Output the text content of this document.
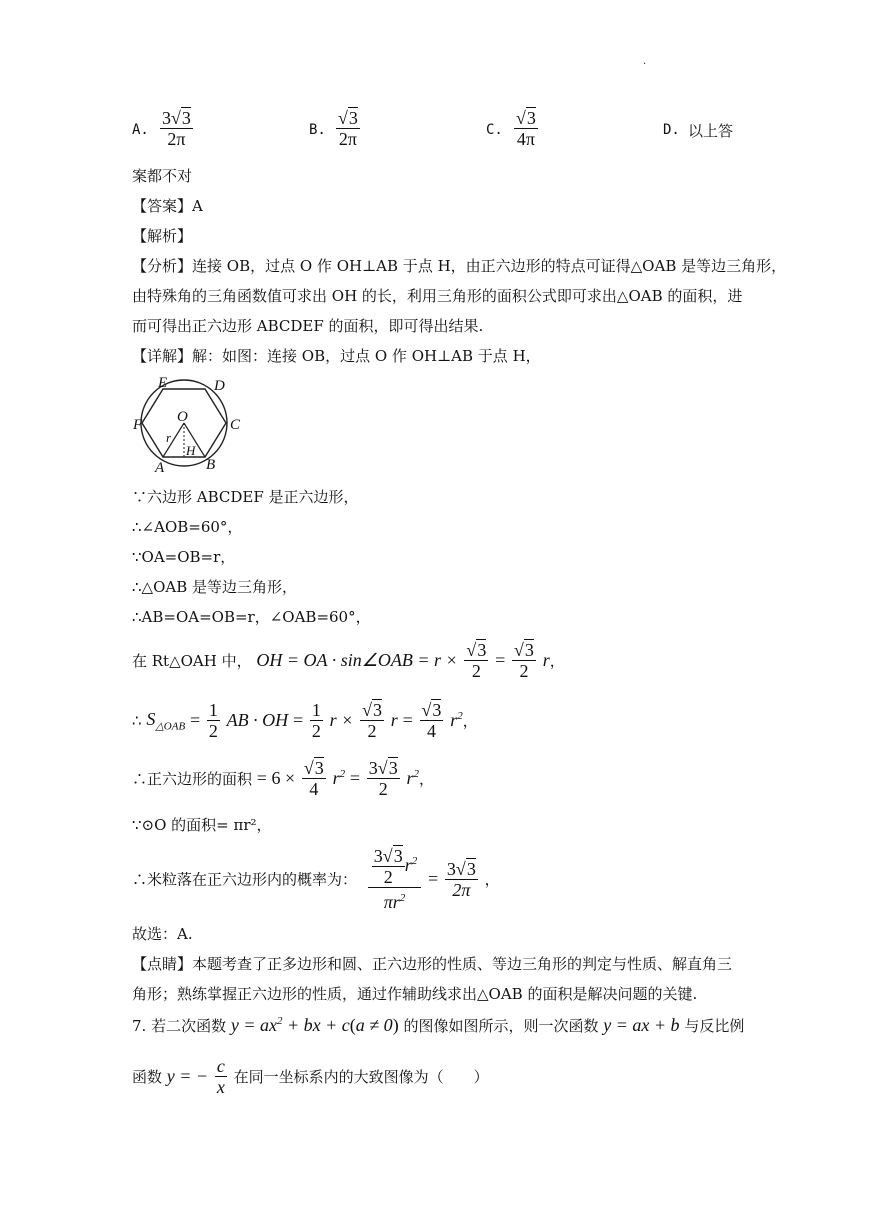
.
A. $\frac{3√3}{2\pi}$	B. $\frac{√3}{2\pi}$	C. $\frac{√3}{4\pi}$	D. 以上答
案都不对
【答案】A
【解析】
【分析】连接 OB，过点 O 作 OH⊥AB 于点 H，由正六边形的特点可证得△OAB 是等边三角形，
由特殊角的三角函数值可求出 OH 的长，利用三角形的面积公式即可求出△OAB 的面积，进
而可得出正六边形 ABCDEF 的面积，即可得出结果.
【详解】解：如图：连接 OB，过点 O 作 OH⊥AB 于点 H，
E	D
F	C
O
r
H
A	B
∵六边形 ABCDEF 是正六边形，
∴∠AOB=60°，
∵OA=OB=r，
∴△OAB 是等边三角形，
∴AB=OA=OB=r，∠OAB=60°，
在 Rt△OAH 中， OH = OA · sin∠OAB = $r \times \frac{√3}{2} = \frac{√3}{2}$ r，
∴ $S_{\triangle OAB} = \frac{1}{2}$ AB · OH = $\frac{1}{2}$ $r \times \frac{√3}{2}$ $r = \frac{√3}{4} r^2$，
∴正六边形的面积 = $6 \times \frac{√3}{4} r^2 = \frac{3√3}{2} r^2$，
∵⊙O 的面积= πr²，
∴米粒落在正六边形内的概率为： $\frac{\frac{3√3}{2} r^2}{\pi r^2} = \frac{3√3}{2\pi}$ ，
故选：A.
【点睛】本题考查了正多边形和圆、正六边形的性质、等边三角形的判定与性质、解直角三
角形；熟练掌握正六边形的性质，通过作辅助线求出△OAB 的面积是解决问题的关键.
7. 若二次函数 $y = ax^2$ + bx + c(a ≠ 0) 的图像如图所示，则一次函数 y = ax + b 与反比例
函数 y = − $\frac{c}{x}$ 在同一坐标系内的大致图像为（　　）
